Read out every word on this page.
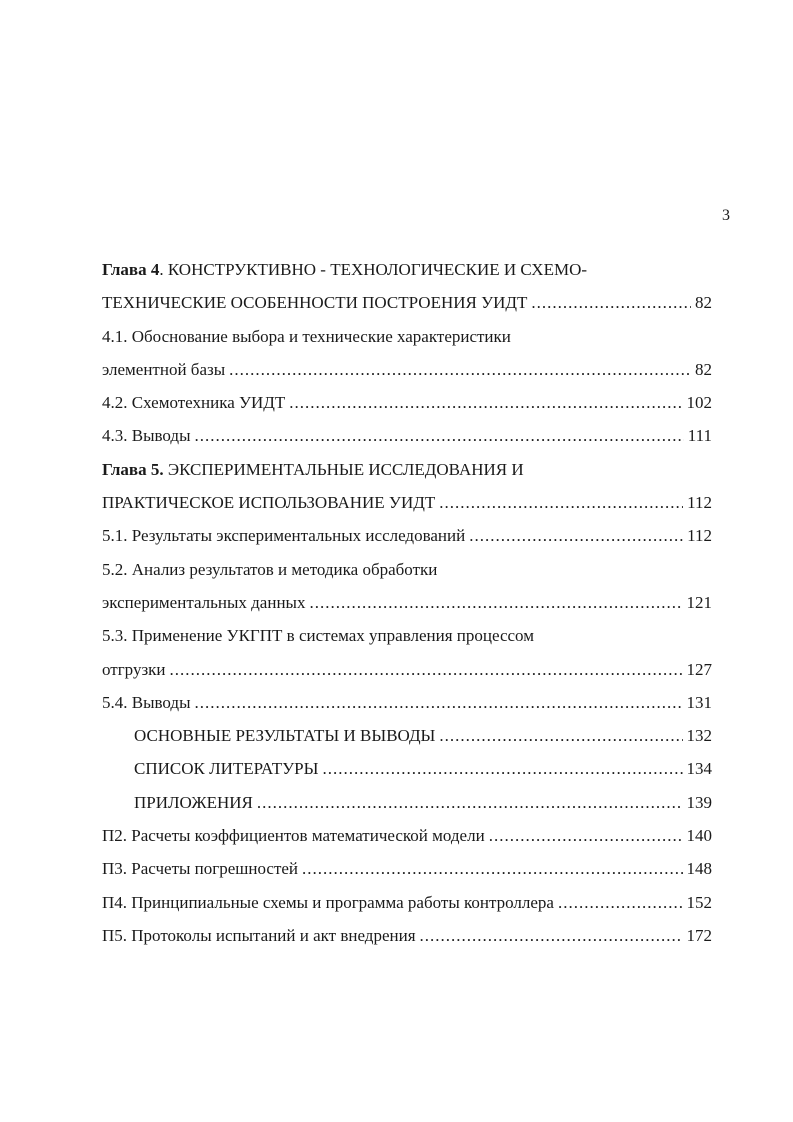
3
Глава 4. КОНСТРУКТИВНО - ТЕХНОЛОГИЧЕСКИЕ И СХЕМО-
ТЕХНИЧЕСКИЕ ОСОБЕННОСТИ ПОСТРОЕНИЯ УИДТ .....	82
4.1. Обоснование выбора и технические характеристики
элементной базы .....	82
4.2. Схемотехника УИДТ .....	102
4.3. Выводы .....	111
Глава 5. ЭКСПЕРИМЕНТАЛЬНЫЕ ИССЛЕДОВАНИЯ И
ПРАКТИЧЕСКОЕ ИСПОЛЬЗОВАНИЕ УИДТ .....	112
5.1. Результаты экспериментальных исследований .....	112
5.2. Анализ результатов и методика обработки
экспериментальных данных .....	121
5.3. Применение УКГПТ в системах управления процессом
отгрузки .....	127
5.4. Выводы .....	131
ОСНОВНЫЕ РЕЗУЛЬТАТЫ И ВЫВОДЫ .....	132
СПИСОК ЛИТЕРАТУРЫ .....	134
ПРИЛОЖЕНИЯ .....	139
П2. Расчеты коэффициентов математической модели .....	140
П3. Расчеты погрешностей .....	148
П4. Принципиальные схемы и программа работы контроллера .....	152
П5. Протоколы испытаний и акт внедрения .....	172
